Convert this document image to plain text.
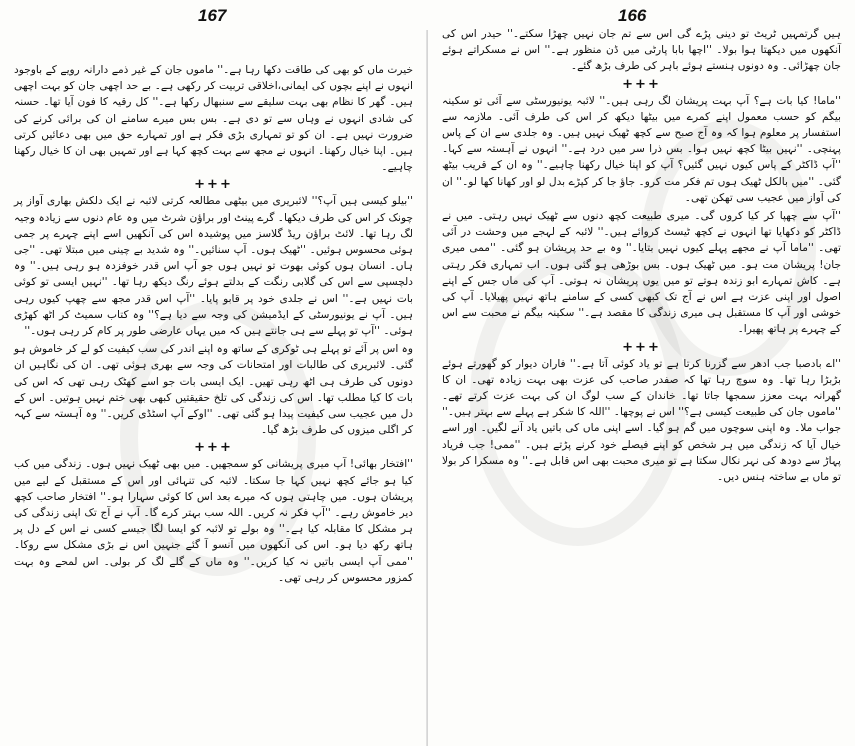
167

خیرت ماں کو بھی کی طاقت دکھا رہا ہے۔'' ماموں جان کے غیر ذمے دارانہ رویے کے باوجود انہوں نے اپنے بچوں کی ایمانی،اخلاقی تربیت کر رکھی ہے۔ بے حد اچھی جان کو بہت اچھی ہیں۔ گھر کا نظام بھی بہت سلیقے سے سنبھال رکھا ہے۔'' کل رقیہ کا فون آیا تھا۔ حسنہ کی شادی انہوں نے وہاں سے تو دی ہے۔ بس بس میرے سامنے ان کی برائی کرنے کی ضرورت نہیں ہے۔ ان کو تو تمہاری بڑی فکر ہے اور تمہارے حق میں بھی دعائیں کرتی ہیں۔ اپنا خیال رکھنا۔ انہوں نے مجھ سے بہت کچھ کہا ہے اور تمہیں بھی ان کا خیال رکھنا چاہیے۔

+++

''بیلو کیسی ہیں آپ؟'' لائبریری میں بیٹھی مطالعہ کرتی لائبہ نے ایک دلکش بھاری آواز پر چونک کر اس کی طرف دیکھا۔ گرے پینٹ اور براؤن شرٹ میں وہ عام دنوں سے زیادہ وجیہ لگ رہا تھا۔ لائٹ براؤن ریڈ گلاسز میں پوشیدہ اس کی آنکھیں اسے اپنے چہرے پر جمی ہوئی محسوس ہوئیں۔ ''ٹھیک ہوں۔ آپ سنائیں۔'' وہ شدید بے چینی میں مبتلا تھی۔ ''جی ہاں۔ انسان ہوں کوئی بھوت تو نہیں ہوں جو آپ اس قدر خوفزدہ ہو رہی ہیں۔'' وہ دلچسپی سے اس کی گلابی رنگت کے بدلتے ہوئے رنگ دیکھ رہا تھا۔ ''نہیں ایسی تو کوئی بات نہیں ہے۔'' اس نے جلدی خود پر قابو پایا۔ ''آپ اس قدر مجھ سے چھپ کیوں رہی ہیں۔ آپ نے یونیورسٹی کے ایڈمیشن کی وجہ سے دیا ہے؟'' وہ کتاب سمیٹ کر اٹھ کھڑی ہوئی۔ ''آپ تو پہلے سے ہی جانتے ہیں کہ میں یہاں عارضی طور پر کام کر رہی ہوں۔''

وہ اس پر آئے تو پہلے ہی ٹوکری کے ساتھ وہ اپنے اندر کی سب کیفیت کو لے کر خاموش ہو گئی۔ لائبریری کی طالبات اور امتحانات کی وجہ سے بھری ہوئی تھی۔ ان کی نگاہیں ان دونوں کی طرف ہی اٹھ رہی تھیں۔ ایک ایسی بات جو اسے کھٹک رہی تھی کہ اس کی بات کا کیا مطلب تھا۔ اس کی زندگی کی تلخ حقیقتیں کبھی بھی ختم نہیں ہوتیں۔ اس کے دل میں عجیب سی کیفیت پیدا ہو گئی تھی۔ ''اوکے آپ اسٹڈی کریں۔'' وہ آہستہ سے کہہ کر اگلی میزوں کی طرف بڑھ گیا۔

+++

''افتخار بھائی! آپ میری پریشانی کو سمجھیں۔ میں بھی ٹھیک نہیں ہوں۔ زندگی میں کب کیا ہو جائے کچھ نہیں کہا جا سکتا۔ لائبہ کی تنہائی اور اس کے مستقبل کے لیے میں پریشان ہوں۔ میں چاہتی ہوں کہ میرے بعد اس کا کوئی سہارا ہو۔'' افتخار صاحب کچھ دیر خاموش رہے۔ ''آپ فکر نہ کریں۔ اللہ سب بہتر کرے گا۔ آپ نے آج تک اپنی زندگی کی ہر مشکل کا مقابلہ کیا ہے۔'' وہ بولے تو لائبہ کو ایسا لگا جیسے کسی نے اس کے دل پر ہاتھ رکھ دیا ہو۔ اس کی آنکھوں میں آنسو آ گئے جنہیں اس نے بڑی مشکل سے روکا۔ ''ممی آپ ایسی باتیں نہ کیا کریں۔'' وہ ماں کے گلے لگ کر بولی۔ اس لمحے وہ بہت کمزور محسوس کر رہی تھی۔

166

ہیں گرتمہیں ٹریٹ تو دینی پڑے گی اس سے تم جان نہیں چھڑا سکتے۔'' حیدر اس کی آنکھوں میں دیکھتا ہوا بولا۔ ''اچھا بابا پارٹی میں ڈن منظور ہے۔'' اس نے مسکراتے ہوئے جان چھڑائی۔ وہ دونوں ہنستے ہوئے باہر کی طرف بڑھ گئے۔

+++

''ماما! کیا بات ہے؟ آپ بہت پریشان لگ رہی ہیں۔'' لائبہ یونیورسٹی سے آئی تو سکینہ بیگم کو حسب معمول اپنے کمرے میں بیٹھا دیکھ کر اس کی طرف آئی۔ ملازمہ سے استفسار پر معلوم ہوا کہ وہ آج صبح سے کچھ ٹھیک نہیں ہیں۔ وہ جلدی سے ان کے پاس پہنچی۔ ''نہیں بیٹا کچھ نہیں ہوا۔ بس ذرا سر میں درد ہے۔'' انہوں نے آہستہ سے کہا۔ ''آپ ڈاکٹر کے پاس کیوں نہیں گئیں؟ آپ کو اپنا خیال رکھنا چاہیے۔'' وہ ان کے قریب بیٹھ گئی۔ ''میں بالکل ٹھیک ہوں تم فکر مت کرو۔ جاؤ جا کر کپڑے بدل لو اور کھانا کھا لو۔'' ان کی آواز میں عجیب سی تھکن تھی۔

''آپ سے چھپا کر کیا کروں گی۔ میری طبیعت کچھ دنوں سے ٹھیک نہیں رہتی۔ میں نے ڈاکٹر کو دکھایا تھا انہوں نے کچھ ٹیسٹ کروائے ہیں۔'' لائبہ کے لہجے میں وحشت در آئی تھی۔ ''ماما آپ نے مجھے پہلے کیوں نہیں بتایا۔'' وہ بے حد پریشان ہو گئی۔ ''ممی میری جان! پریشان مت ہو۔ میں ٹھیک ہوں۔ بس بوڑھی ہو گئی ہوں۔ اب تمہاری فکر رہتی ہے۔ کاش تمہارے ابو زندہ ہوتے تو میں یوں پریشان نہ ہوتی۔ آپ کی ماں جس کے اپنے اصول اور اپنی عزت ہے اس نے آج تک کبھی کسی کے سامنے ہاتھ نہیں پھیلایا۔ آپ کی خوشی اور آپ کا مستقبل ہی میری زندگی کا مقصد ہے۔'' سکینہ بیگم نے محبت سے اس کے چہرے پر ہاتھ پھیرا۔

+++

''اے بادصبا جب ادھر سے گزرنا کرتا ہے تو یاد کوئی آتا ہے۔'' فاران دیوار کو گھورتے ہوئے بڑبڑا رہا تھا۔ وہ سوچ رہا تھا کہ صفدر صاحب کی عزت بھی بہت زیادہ تھی۔ ان کا گھرانہ بہت معزز سمجھا جاتا تھا۔ خاندان کے سب لوگ ان کی بہت عزت کرتے تھے۔ ''ماموں جان کی طبیعت کیسی ہے؟'' اس نے پوچھا۔ ''اللہ کا شکر ہے پہلے سے بہتر ہیں۔'' جواب ملا۔ وہ اپنی سوچوں میں گم ہو گیا۔ اسے اپنی ماں کی باتیں یاد آنے لگیں۔ اور اسے خیال آیا کہ زندگی میں ہر شخص کو اپنے فیصلے خود کرنے پڑتے ہیں۔ ''ممی! جب فریاد پہاڑ سے دودھ کی نہر نکال سکتا ہے تو میری محبت بھی اس قابل ہے۔'' وہ مسکرا کر بولا تو ماں بے ساختہ ہنس دیں۔
